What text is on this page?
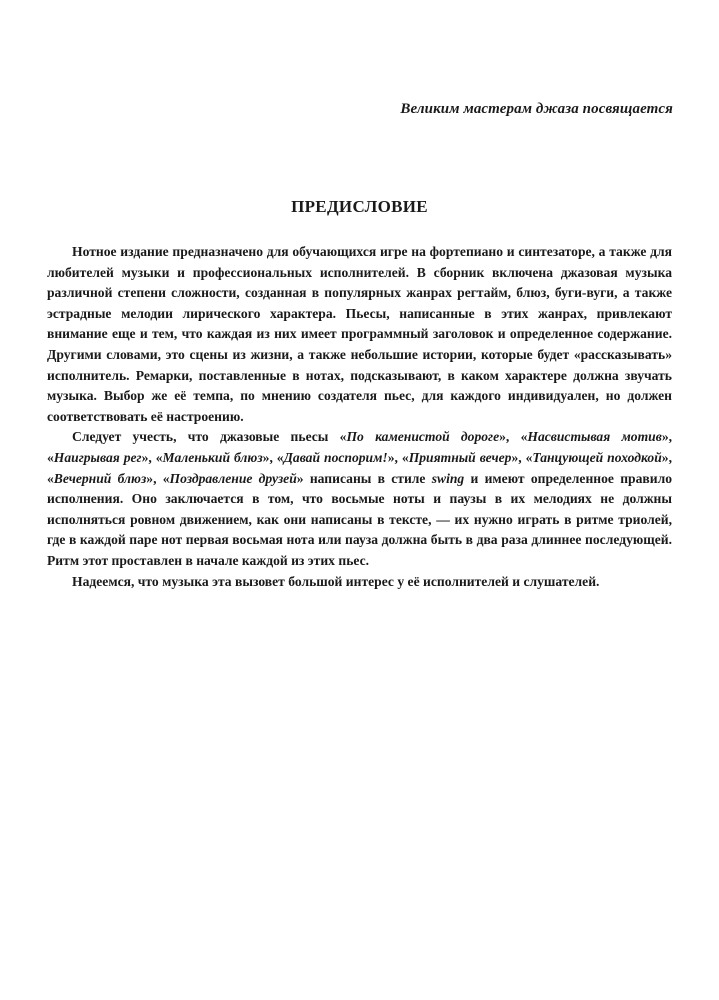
Великим мастерам джаза посвящается
ПРЕДИСЛОВИЕ

Нотное издание предназначено для обучающихся игре на фортепиано и синтезаторе, а также для любителей музыки и профессиональных исполнителей. В сборник включена джазовая музыка различной степени сложности, созданная в популярных жанрах регтайм, блюз, буги-вуги, а также эстрадные мелодии лирического характера. Пьесы, написанные в этих жанрах, привлекают внимание еще и тем, что каждая из них имеет программный заголовок и определенное содержание. Другими словами, это сцены из жизни, а также небольшие истории, которые будет «рассказывать» исполнитель. Ремарки, поставленные в нотах, подсказывают, в каком характере должна звучать музыка. Выбор же её темпа, по мнению создателя пьес, для каждого индивидуален, но должен соответствовать её настроению.

Следует учесть, что джазовые пьесы «По каменистой дороге», «Насвистывая мотив», «Наигрывая рег», «Маленький блюз», «Давай поспорим!», «Приятный вечер», «Танцующей походкой», «Вечерний блюз», «Поздравление друзей» написаны в стиле swing и имеют определенное правило исполнения. Оно заключается в том, что восьмые ноты и паузы в их мелодиях не должны исполняться ровном движением, как они написаны в тексте, — их нужно играть в ритме триолей, где в каждой паре нот первая восьмая нота или пауза должна быть в два раза длиннее последующей. Ритм этот проставлен в начале каждой из этих пьес.

Надеемся, что музыка эта вызовет большой интерес у её исполнителей и слушателей.
